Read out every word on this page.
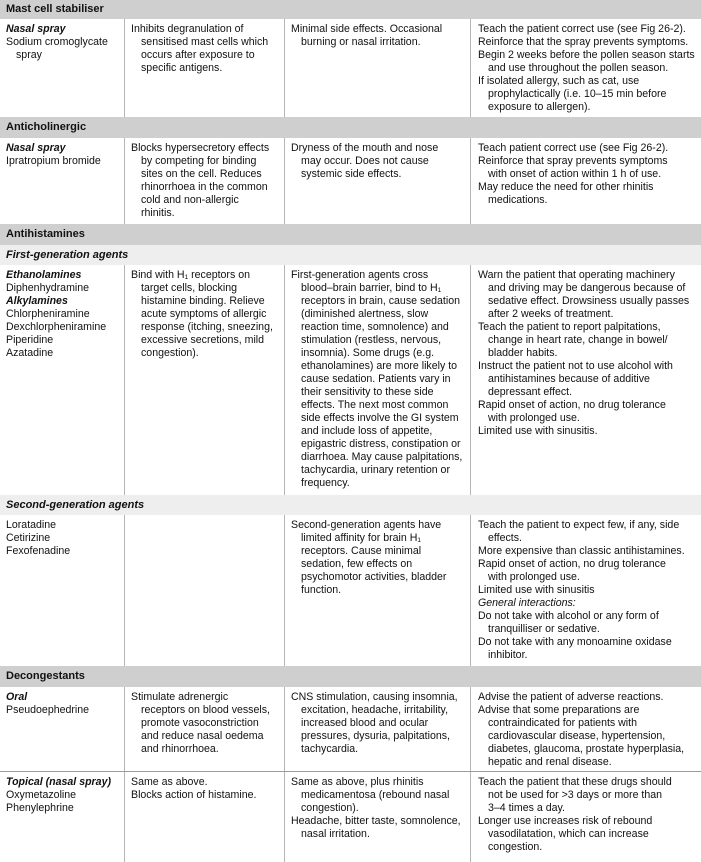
Mast cell stabiliser
Nasal spray
Sodium cromoglycate
spray
Inhibits degranulation of
sensitised mast cells which
occurs after exposure to
specific antigens.
Minimal side effects. Occasional
burning or nasal irritation.
Teach the patient correct use (see Fig 26-2).
Reinforce that the spray prevents symptoms.
Begin 2 weeks before the pollen season starts
and use throughout the pollen season.
If isolated allergy, such as cat, use
prophylactically (i.e. 10–15 min before
exposure to allergen).
Anticholinergic
Nasal spray
Ipratropium bromide
Blocks hypersecretory effects
by competing for binding
sites on the cell. Reduces
rhinorrhoea in the common
cold and non-allergic
rhinitis.
Dryness of the mouth and nose
may occur. Does not cause
systemic side effects.
Teach patient correct use (see Fig 26-2).
Reinforce that spray prevents symptoms
with onset of action within 1 h of use.
May reduce the need for other rhinitis
medications.
Antihistamines
First-generation agents
Ethanolamines
Diphenhydramine
Alkylamines
Chlorpheniramine
Dexchlorpheniramine
Piperidine
Azatadine
Bind with H₁ receptors on
target cells, blocking
histamine binding. Relieve
acute symptoms of allergic
response (itching, sneezing,
excessive secretions, mild
congestion).
First-generation agents cross
blood–brain barrier, bind to H₁
receptors in brain, cause sedation
(diminished alertness, slow
reaction time, somnolence) and
stimulation (restless, nervous,
insomnia). Some drugs (e.g.
ethanolamines) are more likely to
cause sedation. Patients vary in
their sensitivity to these side
effects. The next most common
side effects involve the GI system
and include loss of appetite,
epigastric distress, constipation or
diarrhoea. May cause palpitations,
tachycardia, urinary retention or
frequency.
Warn the patient that operating machinery
and driving may be dangerous because of
sedative effect. Drowsiness usually passes
after 2 weeks of treatment.
Teach the patient to report palpitations,
change in heart rate, change in bowel/
bladder habits.
Instruct the patient not to use alcohol with
antihistamines because of additive
depressant effect.
Rapid onset of action, no drug tolerance
with prolonged use.
Limited use with sinusitis.
Second-generation agents
Loratadine
Cetirizine
Fexofenadine
Second-generation agents have
limited affinity for brain H₁
receptors. Cause minimal
sedation, few effects on
psychomotor activities, bladder
function.
Teach the patient to expect few, if any, side
effects.
More expensive than classic antihistamines.
Rapid onset of action, no drug tolerance
with prolonged use.
Limited use with sinusitis
General interactions:
Do not take with alcohol or any form of
tranquilliser or sedative.
Do not take with any monoamine oxidase
inhibitor.
Decongestants
Oral
Pseudoephedrine
Stimulate adrenergic
receptors on blood vessels,
promote vasoconstriction
and reduce nasal oedema
and rhinorrhoea.
CNS stimulation, causing insomnia,
excitation, headache, irritability,
increased blood and ocular
pressures, dysuria, palpitations,
tachycardia.
Advise the patient of adverse reactions.
Advise that some preparations are
contraindicated for patients with
cardiovascular disease, hypertension,
diabetes, glaucoma, prostate hyperplasia,
hepatic and renal disease.
Topical (nasal spray)
Oxymetazoline
Phenylephrine
Same as above.
Blocks action of histamine.
Same as above, plus rhinitis
medicamentosa (rebound nasal
congestion).
Headache, bitter taste, somnolence,
nasal irritation.
Teach the patient that these drugs should
not be used for >3 days or more than
3–4 times a day.
Longer use increases risk of rebound
vasodilatation, which can increase
congestion.
